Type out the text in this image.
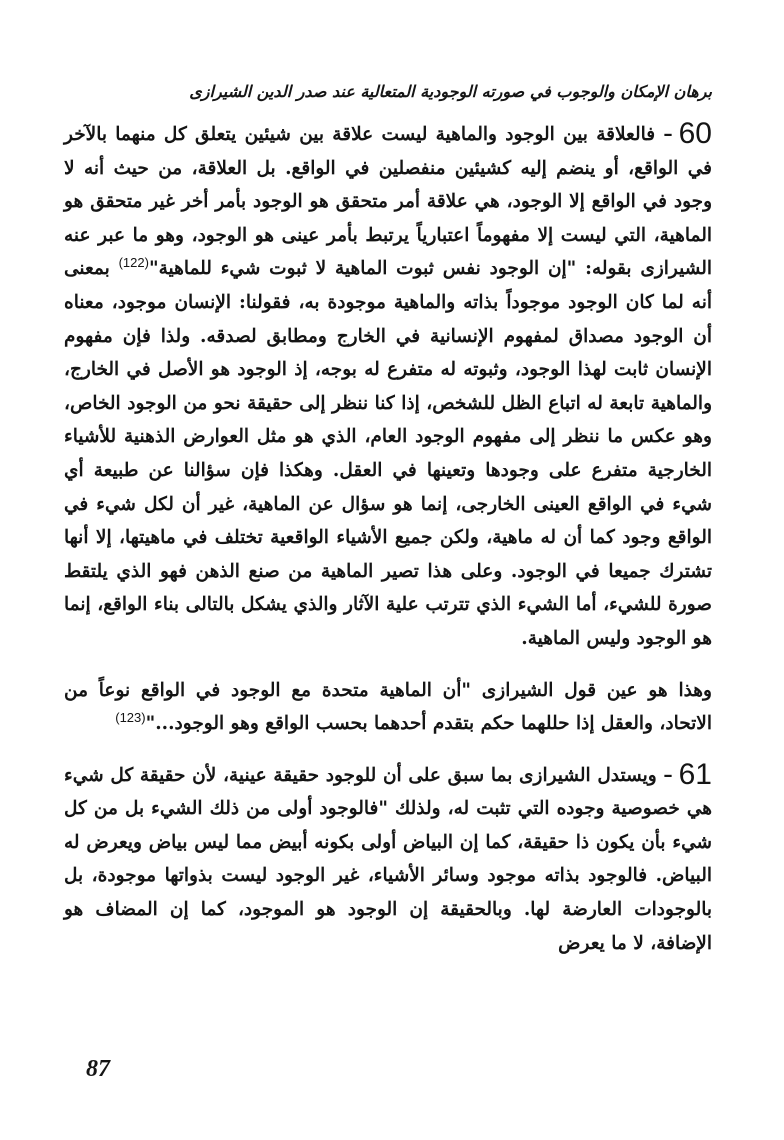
برهان الإمكان والوجوب في صورته الوجودية المتعالية عند صدر الدين الشيرازى

60– فالعلاقة بين الوجود والماهية ليست علاقة بين شيئين يتعلق كل منهما بالآخر في الواقع، أو ينضم إليه كشيئين منفصلين في الواقع. بل العلاقة، من حيث أنه لا وجود في الواقع إلا الوجود، هي علاقة أمر متحقق هو الوجود بأمر أخر غير متحقق هو الماهية، التي ليست إلا مفهوماً اعتبارياً يرتبط بأمر عينى هو الوجود، وهو ما عبر عنه الشيرازى بقوله: "إن الوجود نفس ثبوت الماهية لا ثبوت شيء للماهية"$^{(122)}$ بمعنى أنه لما كان الوجود موجوداً بذاته والماهية موجودة به، فقولنا: الإنسان موجود، معناه أن الوجود مصداق لمفهوم الإنسانية في الخارج ومطابق لصدقه. ولذا فإن مفهوم الإنسان ثابت لهذا الوجود، وثبوته له متفرع له بوجه، إذ الوجود هو الأصل في الخارج، والماهية تابعة له اتباع الظل للشخص، إذا كنا ننظر إلى حقيقة نحو من الوجود الخاص، وهو عكس ما ننظر إلى مفهوم الوجود العام، الذي هو مثل العوارض الذهنية للأشياء الخارجية متفرع على وجودها وتعينها في العقل. وهكذا فإن سؤالنا عن طبيعة أي شيء في الواقع العينى الخارجى، إنما هو سؤال عن الماهية، غير أن لكل شيء في الواقع وجود كما أن له ماهية، ولكن جميع الأشياء الواقعية تختلف في ماهيتها، إلا أنها تشترك جميعا في الوجود. وعلى هذا تصير الماهية من صنع الذهن فهو الذي يلتقط صورة للشيء، أما الشيء الذي تترتب علية الآثار والذي يشكل بالتالى بناء الواقع، إنما هو الوجود وليس الماهية.

وهذا هو عين قول الشيرازى "أن الماهية متحدة مع الوجود في الواقع نوعاً من الاتحاد، والعقل إذا حللهما حكم بتقدم أحدهما بحسب الواقع وهو الوجود..."$^{(123)}$

61– ويستدل الشيرازى بما سبق على أن للوجود حقيقة عينية، لأن حقيقة كل شيء هي خصوصية وجوده التي تثبت له، ولذلك "فالوجود أولى من ذلك الشيء بل من كل شيء بأن يكون ذا حقيقة، كما إن البياض أولى بكونه أبيض مما ليس بياض ويعرض له البياض. فالوجود بذاته موجود وسائر الأشياء، غير الوجود ليست بذواتها موجودة، بل بالوجودات العارضة لها. وبالحقيقة إن الوجود هو الموجود، كما إن المضاف هو الإضافة، لا ما يعرض

87
